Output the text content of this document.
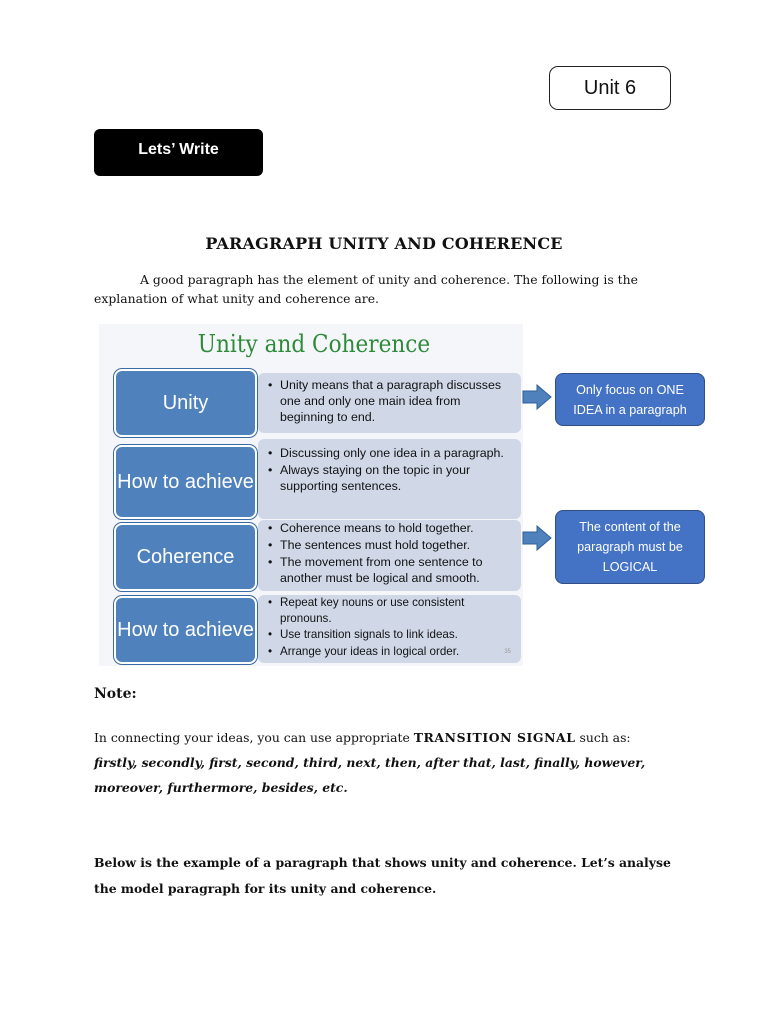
Unit 6
Lets’ Write
PARAGRAPH UNITY AND COHERENCE
A good paragraph has the element of unity and coherence. The following is the
explanation of what unity and coherence are.
Unity and Coherence
Unity
• Unity means that a paragraph discusses one and only one main idea from beginning to end.
How to achieve
• Discussing only one idea in a paragraph.
• Always staying on the topic in your supporting sentences.
Coherence
• Coherence means to hold together.
• The sentences must hold together.
• The movement from one sentence to another must be logical and smooth.
How to achieve
• Repeat key nouns or use consistent pronouns.
• Use transition signals to link ideas.
• Arrange your ideas in logical order.	35
Only focus on ONE IDEA in a paragraph
The content of the paragraph must be LOGICAL
Note:
In connecting your ideas, you can use appropriate TRANSITION SIGNAL such as: firstly, secondly, first, second, third, next, then, after that, last, finally, however, moreover, furthermore, besides, etc.
Below is the example of a paragraph that shows unity and coherence. Let’s analyse the model paragraph for its unity and coherence.
